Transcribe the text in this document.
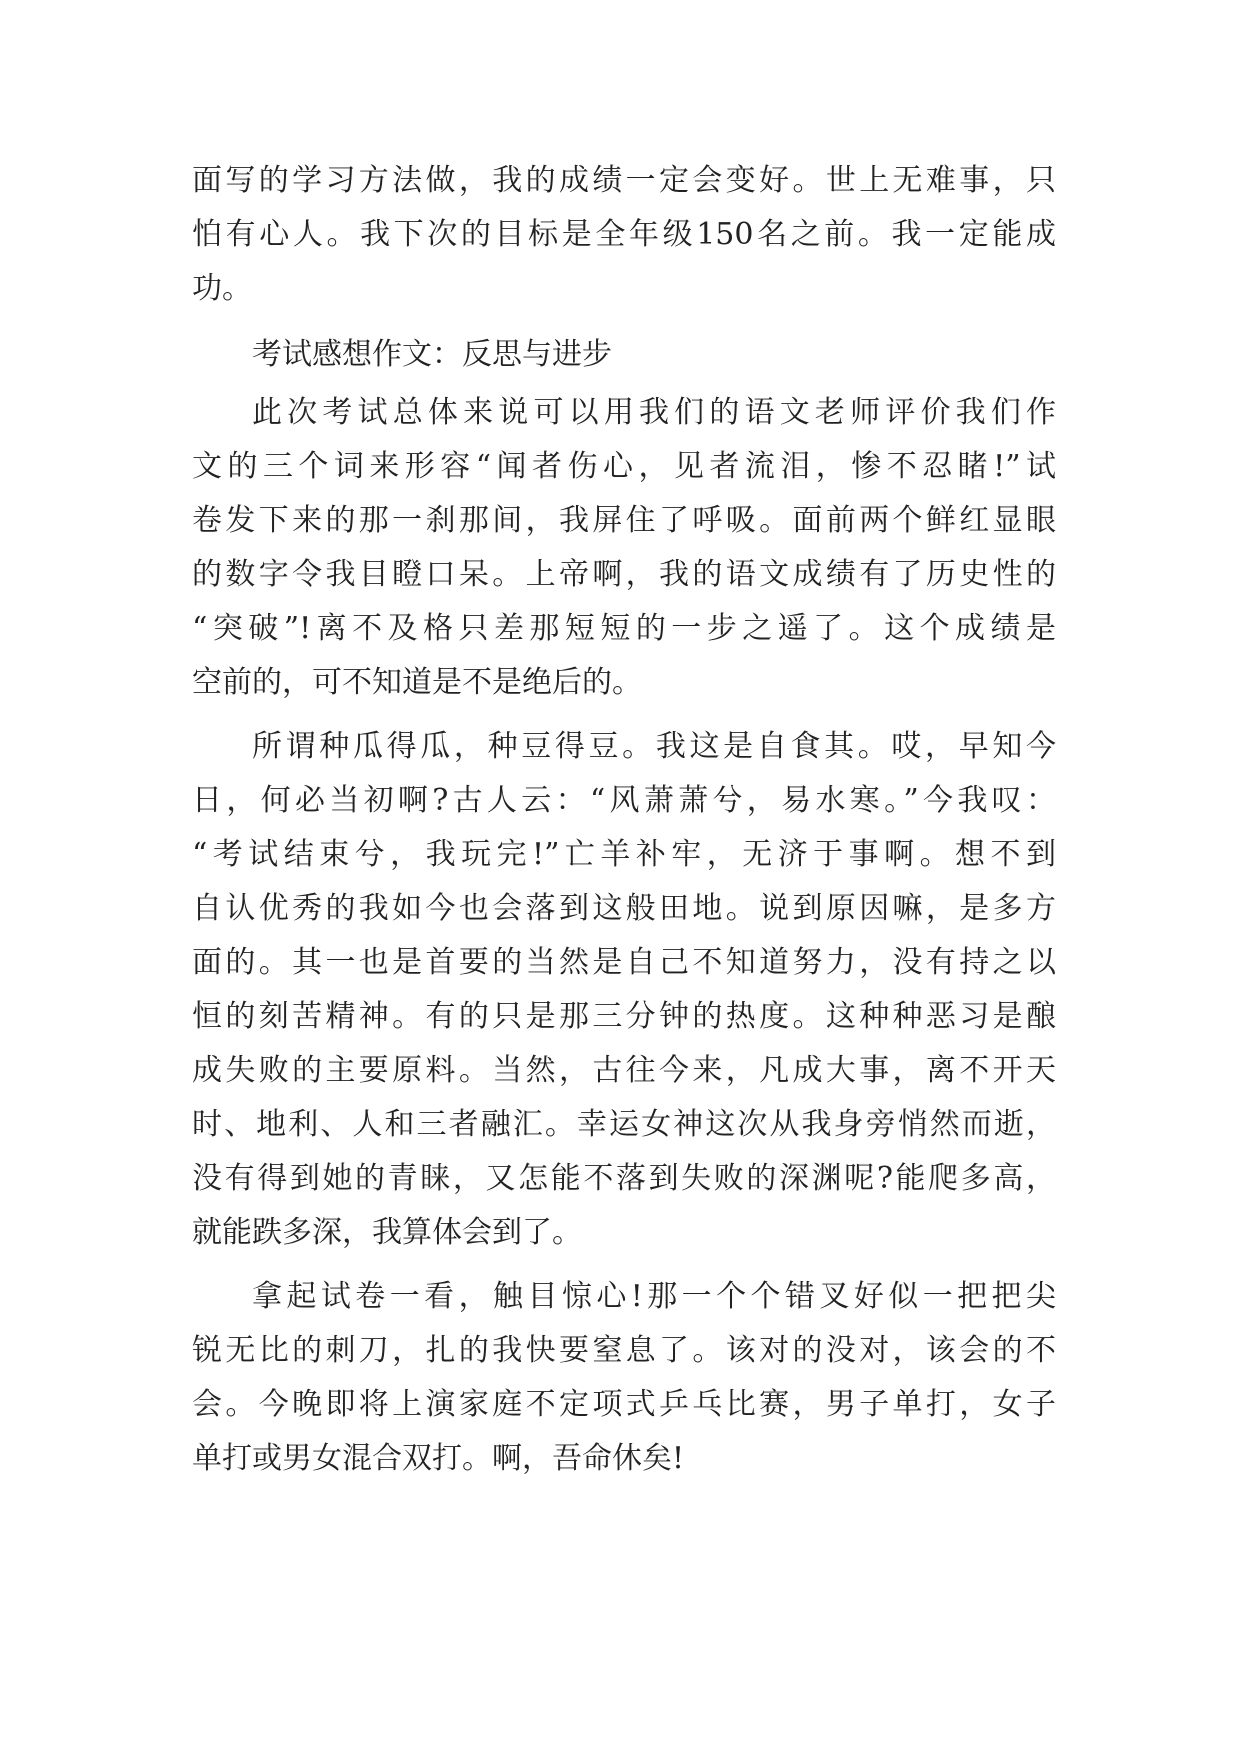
面写的学习方法做，我的成绩一定会变好。世上无难事，只
怕有心人。我下次的目标是全年级150名之前。我一定能成
功。
考试感想作文：反思与进步
此次考试总体来说可以用我们的语文老师评价我们作
文的三个词来形容“闻者伤心，见者流泪，惨不忍睹!”试
卷发下来的那一刹那间，我屏住了呼吸。面前两个鲜红显眼
的数字令我目瞪口呆。上帝啊，我的语文成绩有了历史性的
“突破”!离不及格只差那短短的一步之遥了。这个成绩是
空前的，可不知道是不是绝后的。
所谓种瓜得瓜，种豆得豆。我这是自食其。哎，早知今
日，何必当初啊?古人云：“风萧萧兮，易水寒。”今我叹：
“考试结束兮，我玩完!”亡羊补牢，无济于事啊。想不到
自认优秀的我如今也会落到这般田地。说到原因嘛，是多方
面的。其一也是首要的当然是自己不知道努力，没有持之以
恒的刻苦精神。有的只是那三分钟的热度。这种种恶习是酿
成失败的主要原料。当然，古往今来，凡成大事，离不开天
时、地利、人和三者融汇。幸运女神这次从我身旁悄然而逝，
没有得到她的青睐，又怎能不落到失败的深渊呢?能爬多高，
就能跌多深，我算体会到了。
拿起试卷一看，触目惊心!那一个个错叉好似一把把尖
锐无比的刺刀，扎的我快要窒息了。该对的没对，该会的不
会。今晚即将上演家庭不定项式乒乓比赛，男子单打，女子
单打或男女混合双打。啊，吾命休矣!
